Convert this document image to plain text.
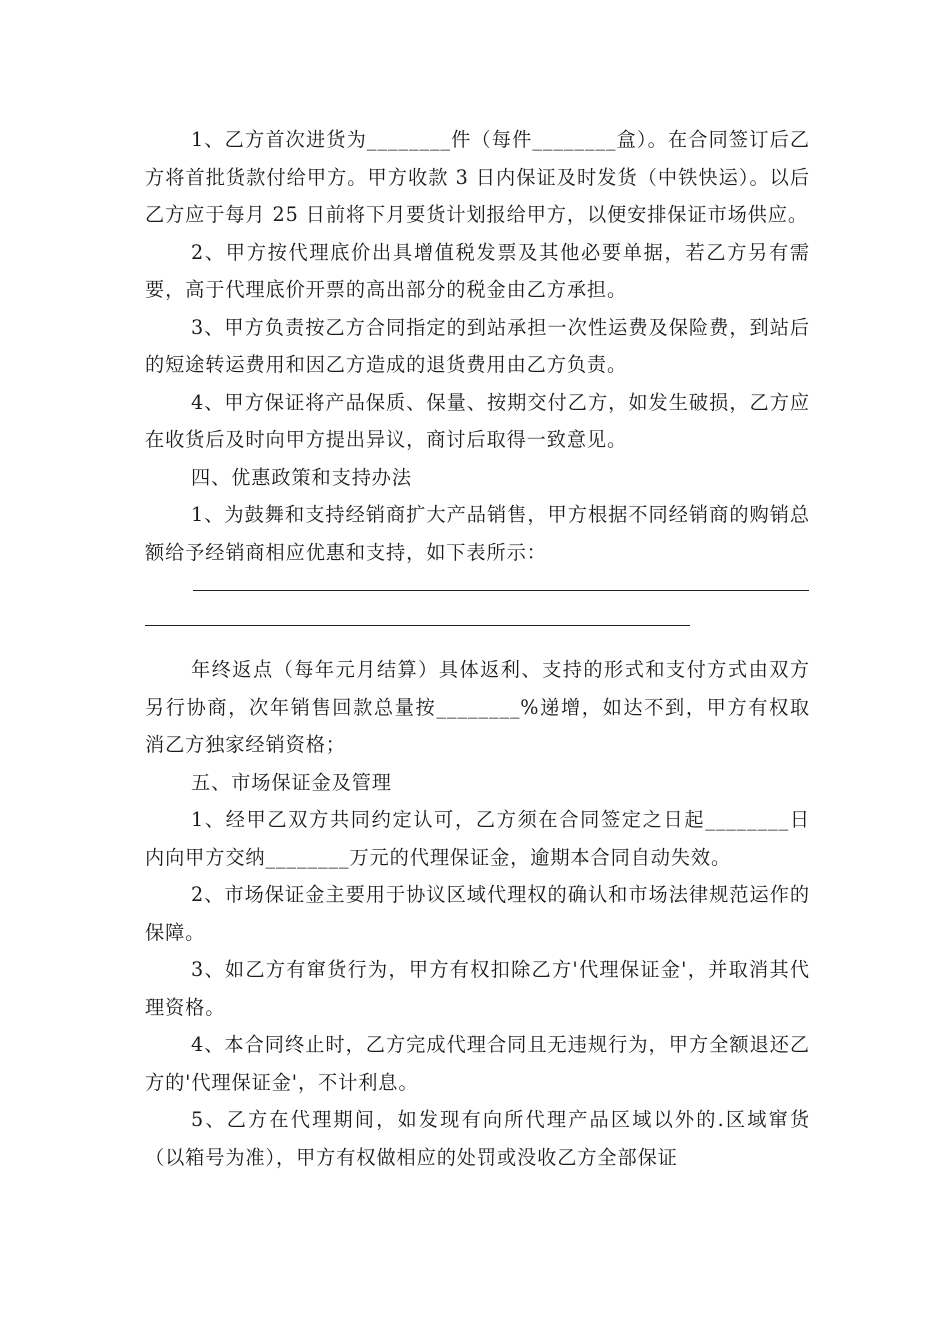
1、乙方首次进货为________件（每件________盒）。在合同签订后乙方将首批货款付给甲方。甲方收款 3 日内保证及时发货（中铁快运）。以后乙方应于每月 25 日前将下月要货计划报给甲方，以便安排保证市场供应。

2、甲方按代理底价出具增值税发票及其他必要单据，若乙方另有需要，高于代理底价开票的高出部分的税金由乙方承担。

3、甲方负责按乙方合同指定的到站承担一次性运费及保险费，到站后的短途转运费用和因乙方造成的退货费用由乙方负责。

4、甲方保证将产品保质、保量、按期交付乙方，如发生破损，乙方应在收货后及时向甲方提出异议，商讨后取得一致意见。

四、优惠政策和支持办法

1、为鼓舞和支持经销商扩大产品销售，甲方根据不同经销商的购销总额给予经销商相应优惠和支持，如下表所示：

年终返点（每年元月结算）具体返利、支持的形式和支付方式由双方另行协商，次年销售回款总量按________%递增，如达不到，甲方有权取消乙方独家经销资格；

五、市场保证金及管理

1、经甲乙双方共同约定认可，乙方须在合同签定之日起________日内向甲方交纳________万元的代理保证金，逾期本合同自动失效。

2、市场保证金主要用于协议区域代理权的确认和市场法律规范运作的保障。

3、如乙方有窜货行为，甲方有权扣除乙方'代理保证金'，并取消其代理资格。

4、本合同终止时，乙方完成代理合同且无违规行为，甲方全额退还乙方的'代理保证金'，不计利息。

5、乙方在代理期间，如发现有向所代理产品区域以外的.区域窜货（以箱号为准），甲方有权做相应的处罚或没收乙方全部保证
